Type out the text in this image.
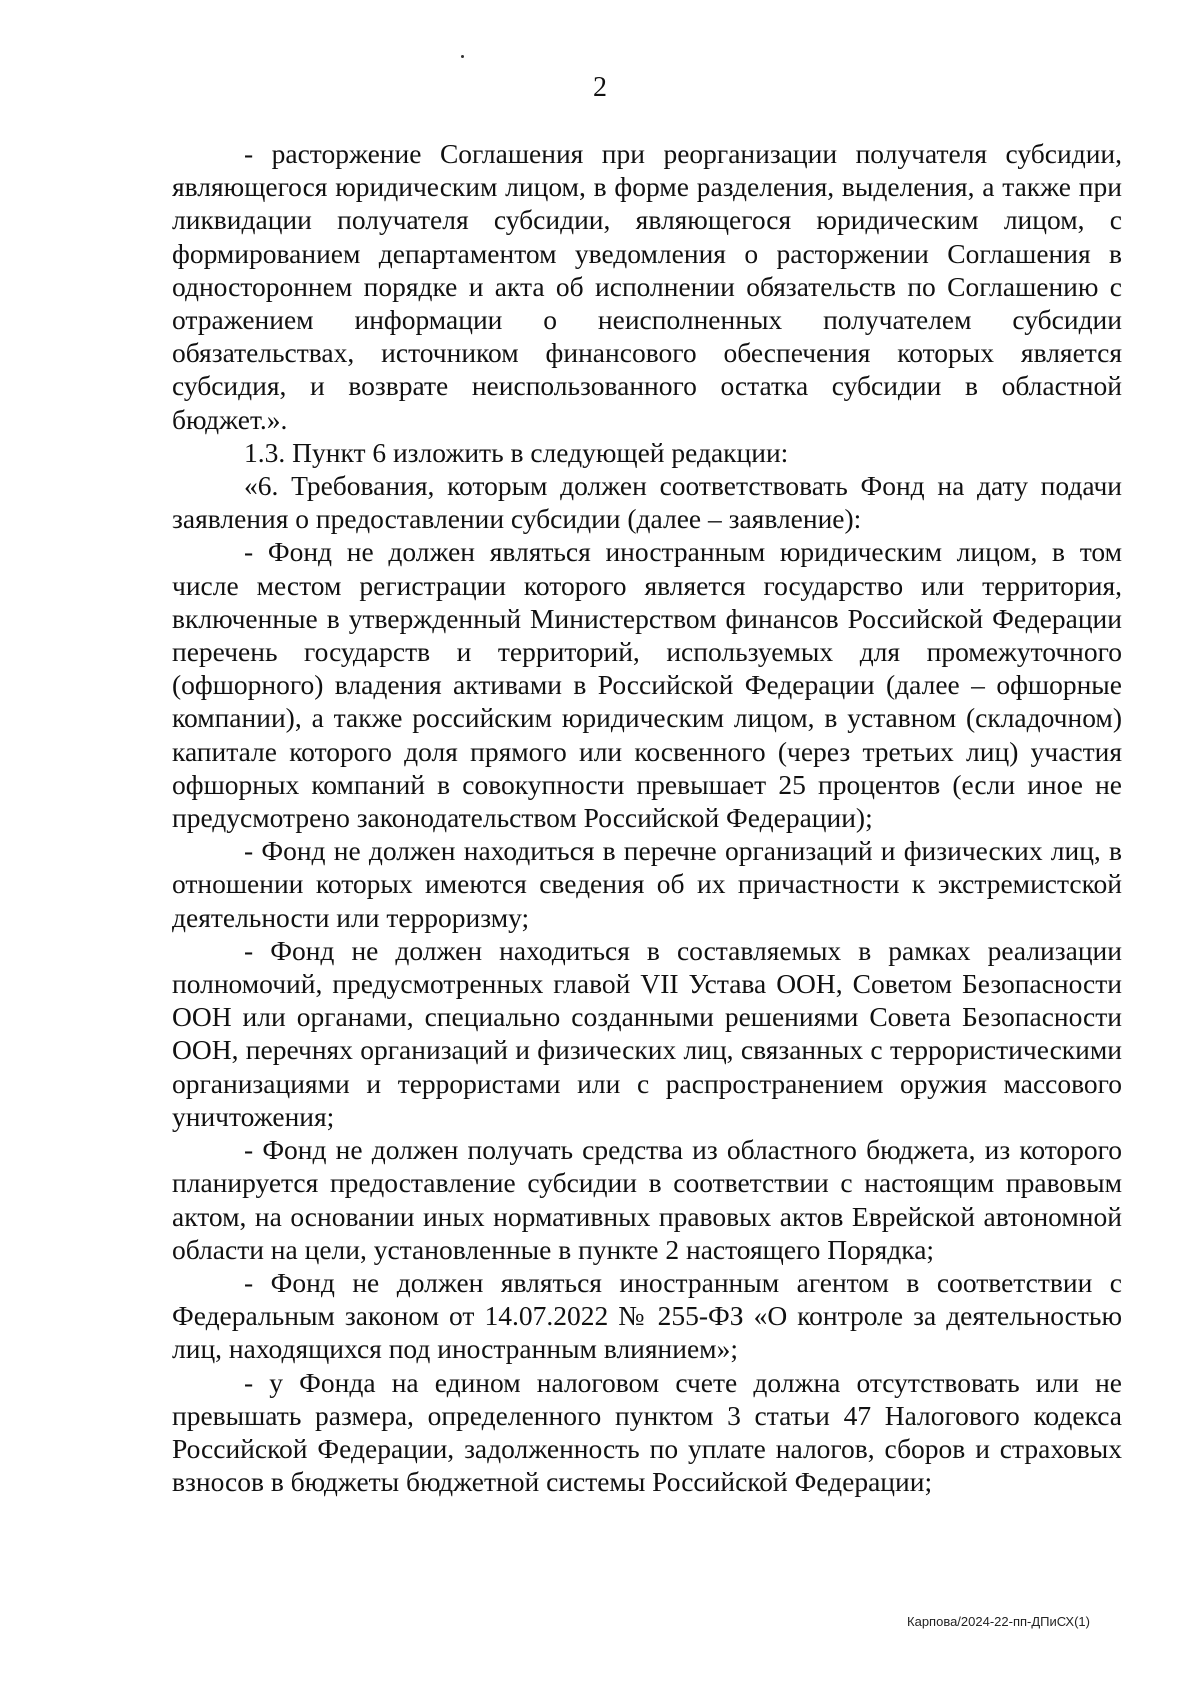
2

- расторжение Соглашения при реорганизации получателя субсидии, являющегося юридическим лицом, в форме разделения, выделения, а также при ликвидации получателя субсидии, являющегося юридическим лицом, с формированием департаментом уведомления о расторжении Соглашения в одностороннем порядке и акта об исполнении обязательств по Соглашению с отражением информации о неисполненных получателем субсидии обязательствах, источником финансового обеспечения которых является субсидия, и возврате неиспользованного остатка субсидии в областной бюджет.».

1.3. Пункт 6 изложить в следующей редакции:

«6. Требования, которым должен соответствовать Фонд на дату подачи заявления о предоставлении субсидии (далее – заявление):

- Фонд не должен являться иностранным юридическим лицом, в том числе местом регистрации которого является государство или территория, включенные в утвержденный Министерством финансов Российской Федерации перечень государств и территорий, используемых для промежуточного (офшорного) владения активами в Российской Федерации (далее – офшорные компании), а также российским юридическим лицом, в уставном (складочном) капитале которого доля прямого или косвенного (через третьих лиц) участия офшорных компаний в совокупности превышает 25 процентов (если иное не предусмотрено законодательством Российской Федерации);

- Фонд не должен находиться в перечне организаций и физических лиц, в отношении которых имеются сведения об их причастности к экстремистской деятельности или терроризму;

- Фонд не должен находиться в составляемых в рамках реализации полномочий, предусмотренных главой VII Устава ООН, Советом Безопасности ООН или органами, специально созданными решениями Совета Безопасности ООН, перечнях организаций и физических лиц, связанных с террористическими организациями и террористами или с распространением оружия массового уничтожения;

- Фонд не должен получать средства из областного бюджета, из которого планируется предоставление субсидии в соответствии с настоящим правовым актом, на основании иных нормативных правовых актов Еврейской автономной области на цели, установленные в пункте 2 настоящего Порядка;

- Фонд не должен являться иностранным агентом в соответствии с Федеральным законом от 14.07.2022 № 255-ФЗ «О контроле за деятельностью лиц, находящихся под иностранным влиянием»;

- у Фонда на едином налоговом счете должна отсутствовать или не превышать размера, определенного пунктом 3 статьи 47 Налогового кодекса Российской Федерации, задолженность по уплате налогов, сборов и страховых взносов в бюджеты бюджетной системы Российской Федерации;

Карпова/2024-22-пп-ДПиСХ(1)
